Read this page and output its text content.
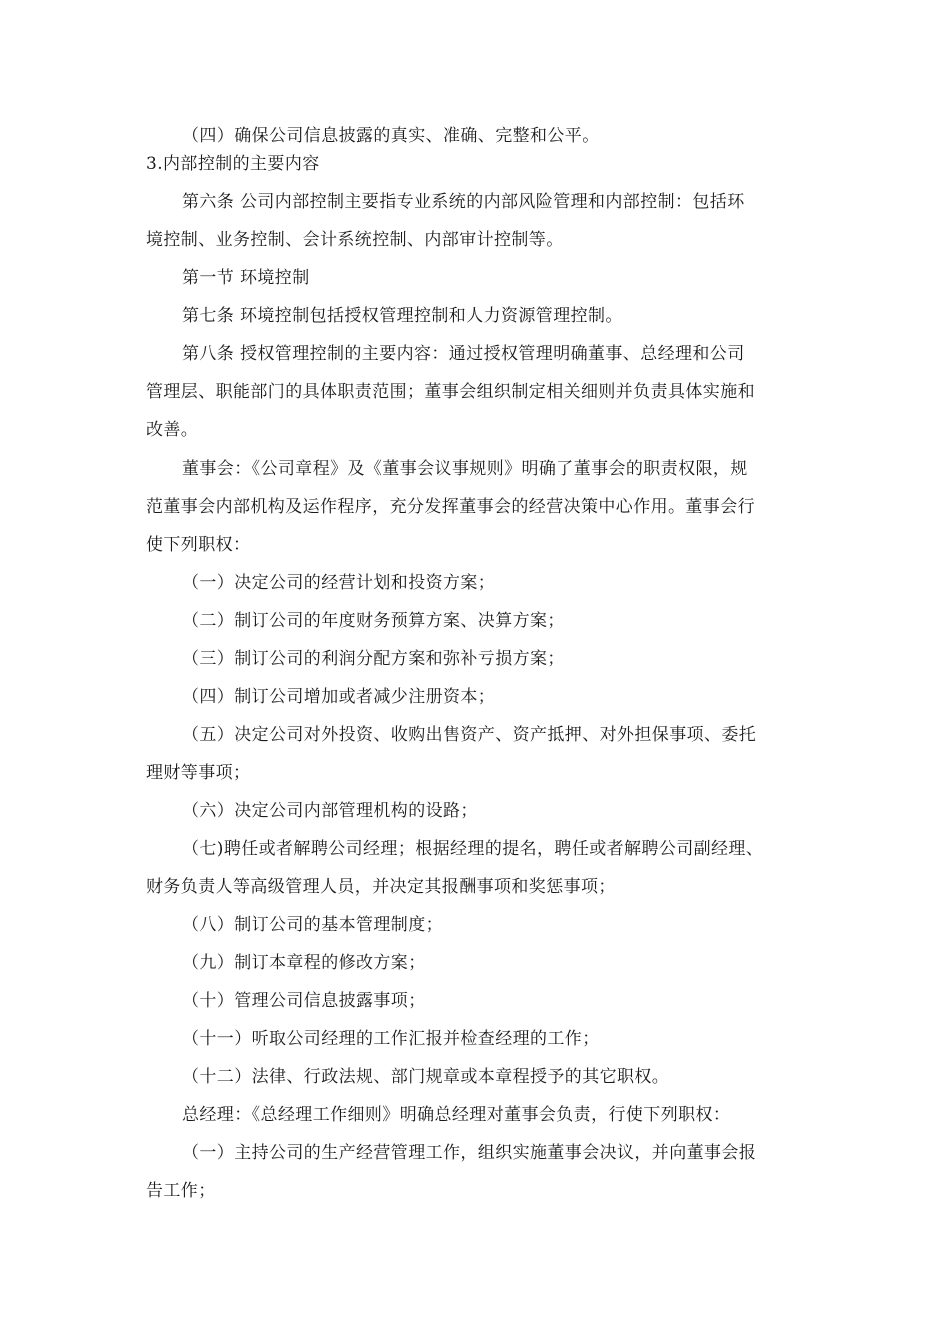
（四）确保公司信息披露的真实、准确、完整和公平。
3.内部控制的主要内容
第六条 公司内部控制主要指专业系统的内部风险管理和内部控制：包括环
境控制、业务控制、会计系统控制、内部审计控制等。
第一节 环境控制
第七条 环境控制包括授权管理控制和人力资源管理控制。
第八条 授权管理控制的主要内容：通过授权管理明确董事、总经理和公司
管理层、职能部门的具体职责范围；董事会组织制定相关细则并负责具体实施和
改善。
董事会：《公司章程》及《董事会议事规则》明确了董事会的职责权限，规
范董事会内部机构及运作程序，充分发挥董事会的经营决策中心作用。董事会行
使下列职权：
（一）决定公司的经营计划和投资方案；
（二）制订公司的年度财务预算方案、决算方案；
（三）制订公司的利润分配方案和弥补亏损方案；
（四）制订公司增加或者减少注册资本；
（五）决定公司对外投资、收购出售资产、资产抵押、对外担保事项、委托
理财等事项；
（六）决定公司内部管理机构的设路；
（七)聘任或者解聘公司经理；根据经理的提名，聘任或者解聘公司副经理、
财务负责人等高级管理人员，并决定其报酬事项和奖惩事项；
（八）制订公司的基本管理制度；
（九）制订本章程的修改方案；
（十）管理公司信息披露事项；
（十一）听取公司经理的工作汇报并检查经理的工作；
（十二）法律、行政法规、部门规章或本章程授予的其它职权。
总经理：《总经理工作细则》明确总经理对董事会负责，行使下列职权：
（一）主持公司的生产经营管理工作，组织实施董事会决议，并向董事会报
告工作；
